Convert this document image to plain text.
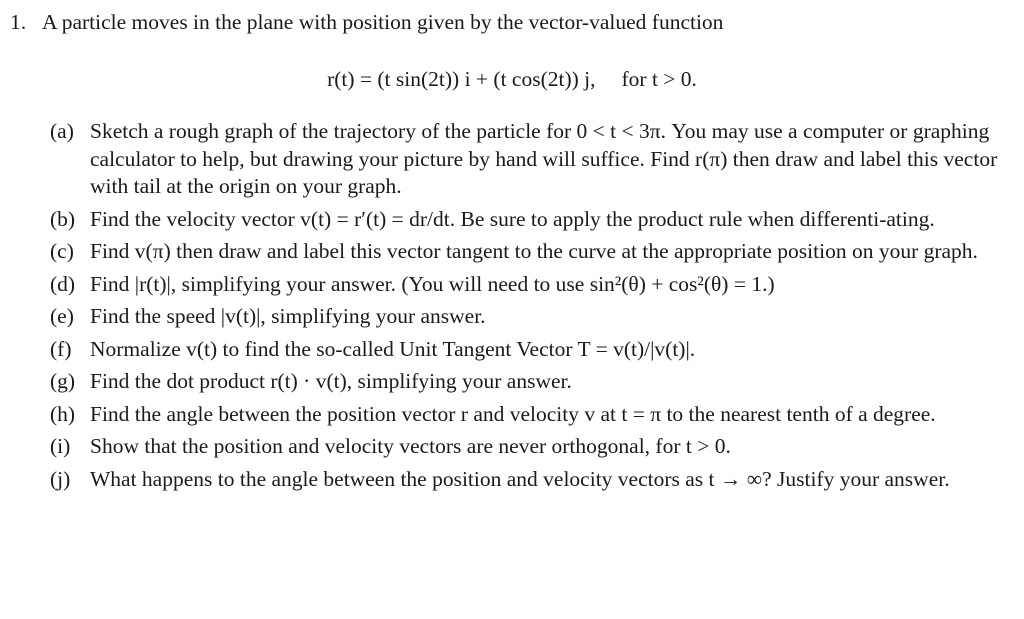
1. A particle moves in the plane with position given by the vector-valued function
r(t) = (t sin(2t)) i + (t cos(2t)) j, for t > 0.
(a) Sketch a rough graph of the trajectory of the particle for 0 < t < 3π. You may use a computer or graphing calculator to help, but drawing your picture by hand will suffice. Find r(π) then draw and label this vector with tail at the origin on your graph.
(b) Find the velocity vector v(t) = r′(t) = dr/dt. Be sure to apply the product rule when differenti-ating.
(c) Find v(π) then draw and label this vector tangent to the curve at the appropriate position on your graph.
(d) Find |r(t)|, simplifying your answer. (You will need to use sin²(θ) + cos²(θ) = 1.)
(e) Find the speed |v(t)|, simplifying your answer.
(f) Normalize v(t) to find the so-called Unit Tangent Vector T = v(t)/|v(t)|.
(g) Find the dot product r(t) · v(t), simplifying your answer.
(h) Find the angle between the position vector r and velocity v at t = π to the nearest tenth of a degree.
(i) Show that the position and velocity vectors are never orthogonal, for t > 0.
(j) What happens to the angle between the position and velocity vectors as t → ∞? Justify your answer.
